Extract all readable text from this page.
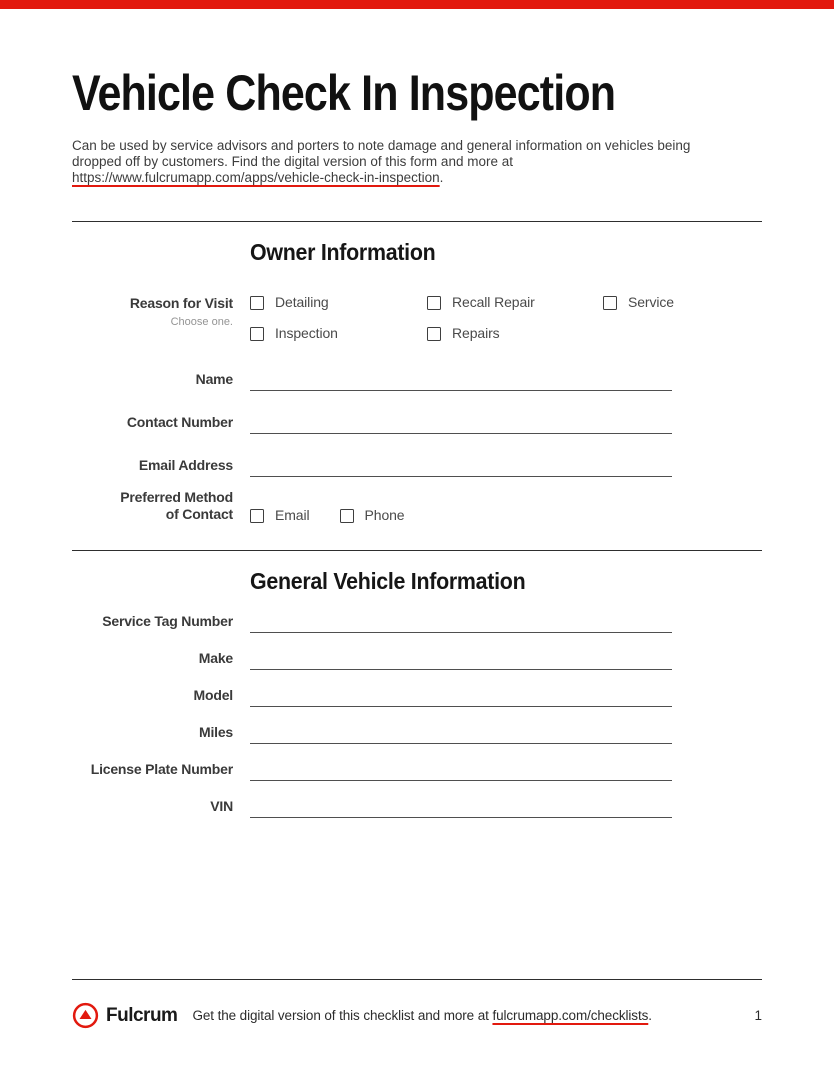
Vehicle Check In Inspection

Can be used by service advisors and porters to note damage and general information on vehicles being dropped off by customers. Find the digital version of this form and more at https://www.fulcrumapp.com/apps/vehicle-check-in-inspection.

Owner Information
Reason for Visit
Choose one.
Detailing	Recall Repair	Service
Inspection	Repairs
Name
Contact Number
Email Address
Preferred Method
of Contact	Email	Phone
General Vehicle Information
Service Tag Number
Make
Model
Miles
License Plate Number
VIN
Fulcrum Get the digital version of this checklist and more at fulcrumapp.com/checklists.	1
